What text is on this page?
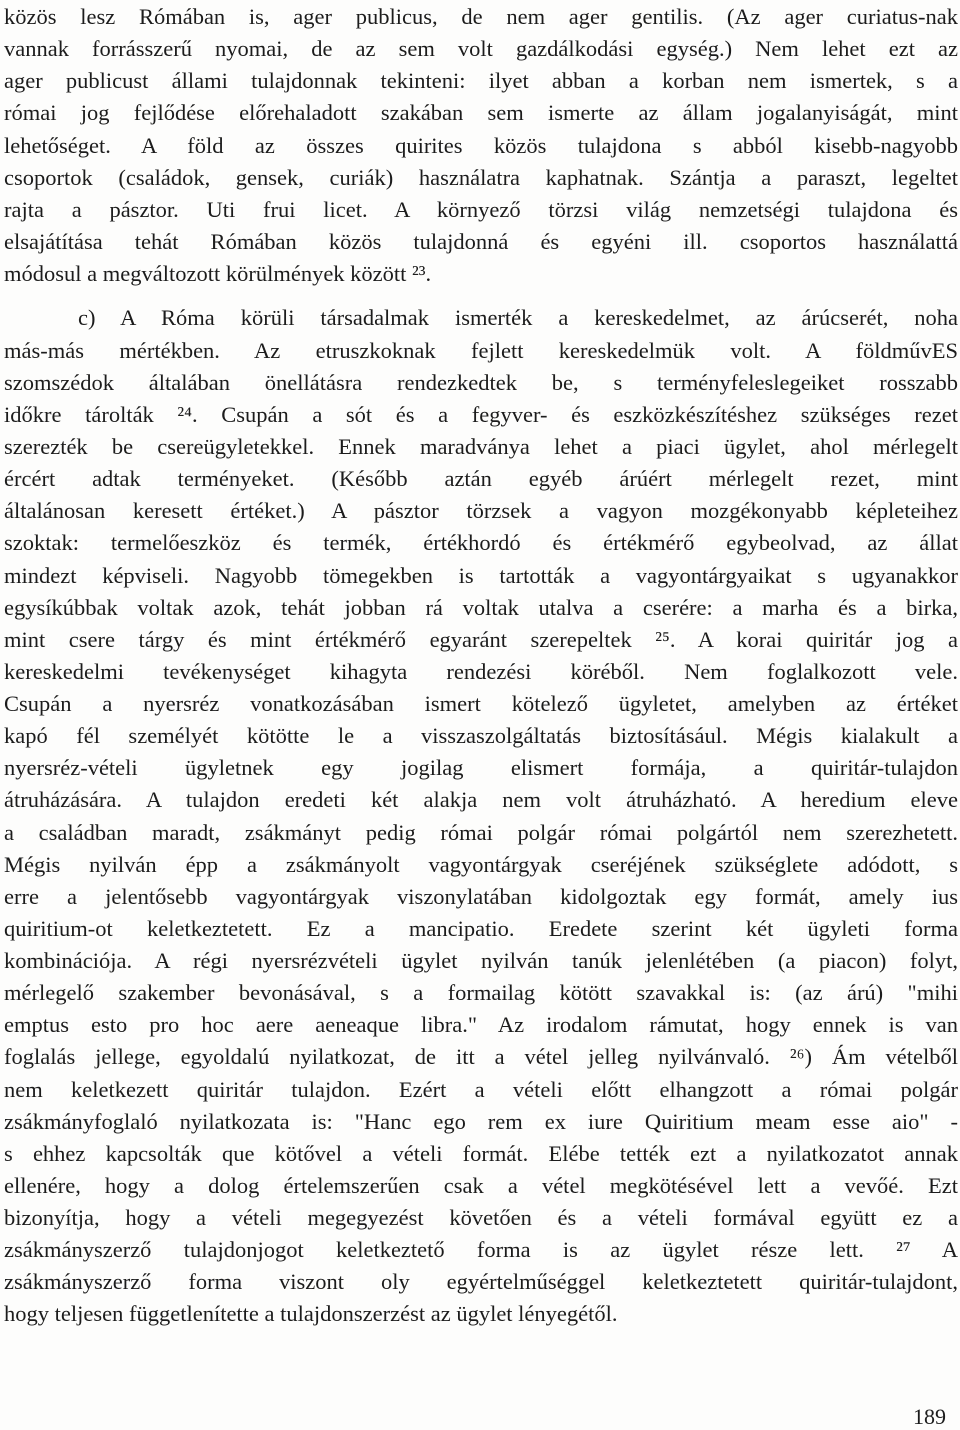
közös lesz Rómában is, ager publicus, de nem ager gentilis. (Az ager curiatus-nak
vannak forrásszerű nyomai, de az sem volt gazdálkodási egység.) Nem lehet ezt az
ager publicust állami tulajdonnak tekinteni: ilyet abban a korban nem ismertek, s a
római jog fejlődése előrehaladott szakában sem ismerte az állam jogalanyiságát, mint
lehetőséget. A föld az összes quirites közös tulajdona s abból kisebb-nagyobb
csoportok (családok, gensek, curiák) használatra kaphatnak. Szántja a paraszt, legeltet
rajta a pásztor. Uti frui licet. A környező törzsi világ nemzetségi tulajdona és
elsajátítása tehát Rómában közös tulajdonná és egyéni ill. csoportos használattá
módosul a megváltozott körülmények között ²³.
c) A Róma körüli társadalmak ismerték a kereskedelmet, az árúcserét, noha
más-más mértékben. Az etruszkoknak fejlett kereskedelmük volt. A földművES
szomszédok általában önellátásra rendezkedtek be, s terményfeleslegeiket rosszabb
időkre tárolták ²⁴. Csupán a sót és a fegyver- és eszközkészítéshez szükséges rezet
szerezték be csereügyletekkel. Ennek maradványa lehet a piaci ügylet, ahol mérlegelt
ércért adtak terményeket. (Később aztán egyéb árúért mérlegelt rezet, mint
általánosan keresett értéket.) A pásztor törzsek a vagyon mozgékonyabb képleteihez
szoktak: termelőeszköz és termék, értékhordó és értékmérő egybeolvad, az állat
mindezt képviseli. Nagyobb tömegekben is tartották a vagyontárgyaikat s ugyanakkor
egysíkúbbak voltak azok, tehát jobban rá voltak utalva a cserére: a marha és a birka,
mint csere tárgy és mint értékmérő egyaránt szerepeltek ²⁵. A korai quiritár jog a
kereskedelmi tevékenységet kihagyta rendezési köréből. Nem foglalkozott vele.
Csupán a nyersréz vonatkozásában ismert kötelező ügyletet, amelyben az értéket
kapó fél személyét kötötte le a visszaszolgáltatás biztosításául. Mégis kialakult a
nyersréz-vételi ügyletnek egy jogilag elismert formája, a quiritár-tulajdon
átruházására. A tulajdon eredeti két alakja nem volt átruházható. A heredium eleve
a családban maradt, zsákmányt pedig római polgár római polgártól nem szerezhetett.
Mégis nyilván épp a zsákmányolt vagyontárgyak cseréjének szükséglete adódott, s
erre a jelentősebb vagyontárgyak viszonylatában kidolgoztak egy formát, amely ius
quiritium-ot keletkeztetett. Ez a mancipatio. Eredete szerint két ügyleti forma
kombinációja. A régi nyersrézvételi ügylet nyilván tanúk jelenlétében (a piacon) folyt,
mérlegelő szakember bevonásával, s a formailag kötött szavakkal is: (az árú) "mihi
emptus esto pro hoc aere aeneaque libra." Az irodalom rámutat, hogy ennek is van
foglalás jellege, egyoldalú nyilatkozat, de itt a vétel jelleg nyilvánvaló. ²⁶) Ám vételből
nem keletkezett quiritár tulajdon. Ezért a vételi előtt elhangzott a római polgár
zsákmányfoglaló nyilatkozata is: "Hanc ego rem ex iure Quiritium meam esse aio" -
s ehhez kapcsolták que kötővel a vételi formát. Elébe tették ezt a nyilatkozatot annak
ellenére, hogy a dolog értelemszerűen csak a vétel megkötésével lett a vevőé. Ezt
bizonyítja, hogy a vételi megegyezést követően és a vételi formával együtt ez a
zsákmányszerző tulajdonjogot keletkeztető forma is az ügylet része lett. ²⁷ A
zsákmányszerző forma viszont oly egyértelműséggel keletkeztetett quiritár-tulajdont,
hogy teljesen függetlenítette a tulajdonszerzést az ügylet lényegétől.
189
